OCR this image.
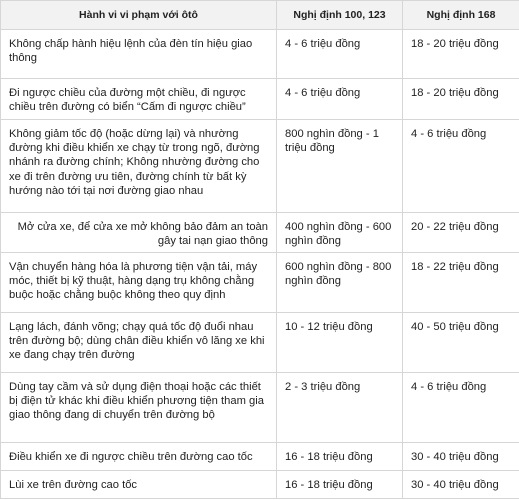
Hành vi vi phạm với ôtô	Nghị định 100, 123	Nghị định 168
Không chấp hành hiệu lệnh của đèn tín hiệu giao thông	4 - 6 triệu đồng	18 - 20 triệu đồng
Đi ngược chiều của đường một chiều, đi ngược chiều trên đường có biển “Cấm đi ngược chiều”	4 - 6 triệu đồng	18 - 20 triệu đồng
Không giảm tốc độ (hoặc dừng lại) và nhường đường khi điều khiển xe chạy từ trong ngõ, đường nhánh ra đường chính; Không nhường đường cho xe đi trên đường ưu tiên, đường chính từ bất kỳ hướng nào tới tại nơi đường giao nhau	800 nghìn đồng - 1 triệu đồng	4 - 6 triệu đồng
Mở cửa xe, để cửa xe mở không bảo đảm an toàn gây tai nạn giao thông	400 nghìn đồng - 600 nghìn đồng	20 - 22 triệu đồng
Vận chuyển hàng hóa là phương tiện vận tải, máy móc, thiết bị kỹ thuật, hàng dạng trụ không chằng buộc hoặc chằng buộc không theo quy định	600 nghìn đồng - 800 nghìn đồng	18 - 22 triệu đồng
Lạng lách, đánh võng; chạy quá tốc độ đuổi nhau trên đường bộ; dùng chân điều khiển vô lăng xe khi xe đang chạy trên đường	10 - 12 triệu đồng	40 - 50 triệu đồng
Dùng tay cầm và sử dụng điện thoại hoặc các thiết bị điện tử khác khi điều khiển phương tiện tham gia giao thông đang di chuyển trên đường bộ	2 - 3 triệu đồng	4 - 6 triệu đồng
Điều khiển xe đi ngược chiều trên đường cao tốc	16 - 18 triệu đồng	30 - 40 triệu đồng
Lùi xe trên đường cao tốc	16 - 18 triệu đồng	30 - 40 triệu đồng
